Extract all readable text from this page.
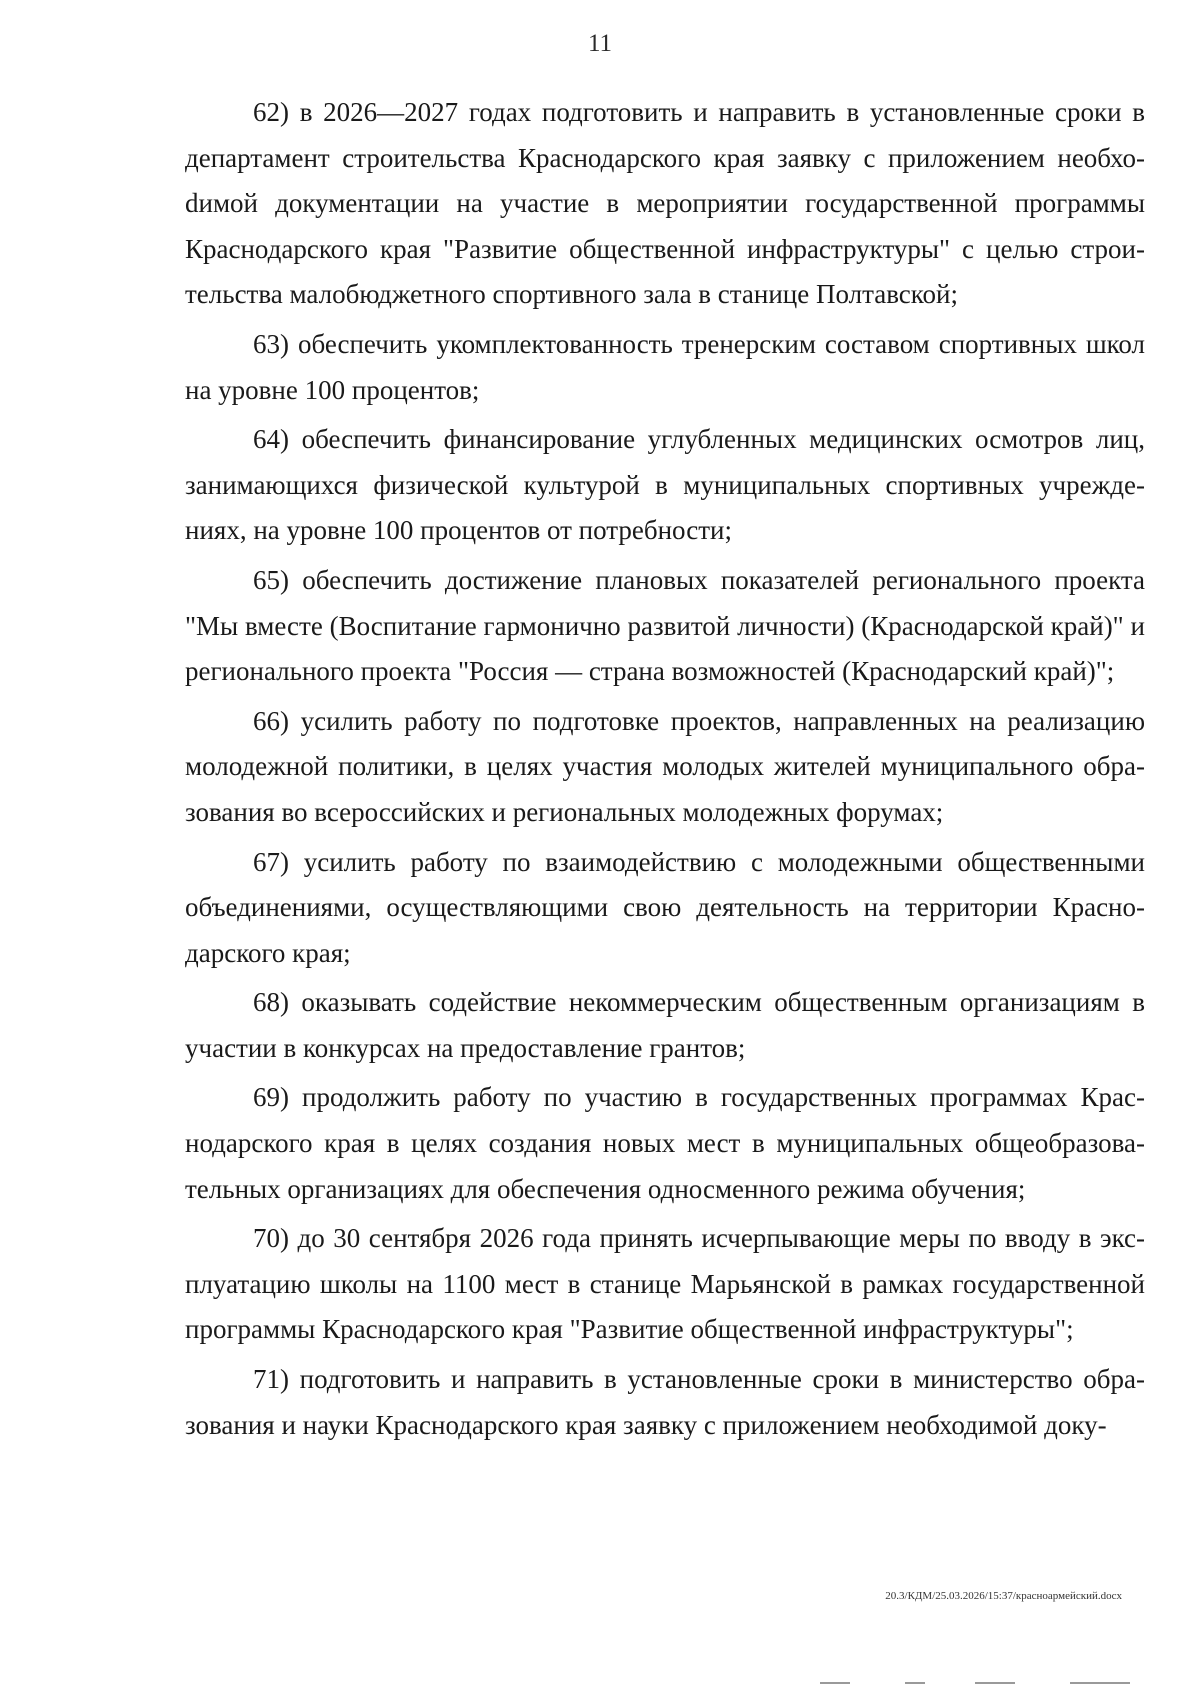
11

62) в 2026—2027 годах подготовить и направить в установленные сроки в департамент строительства Краснодарского края заявку с приложением необхоdимой документации на участие в мероприятии государственной программы Краснодарского края "Развитие общественной инфраструктуры" с целью строительства малобюджетного спортивного зала в станице Полтавской;

63) обеспечить укомплектованность тренерским составом спортивных школ на уровне 100 процентов;

64) обеспечить финансирование углубленных медицинских осмотров лиц, занимающихся физической культурой в муниципальных спортивных учреждениях, на уровне 100 процентов от потребности;

65) обеспечить достижение плановых показателей регионального проекта "Мы вместе (Воспитание гармонично развитой личности) (Краснодарской край)" и регионального проекта "Россия — страна возможностей (Краснодарский край)";

66) усилить работу по подготовке проектов, направленных на реализацию молодежной политики, в целях участия молодых жителей муниципального образования во всероссийских и региональных молодежных форумах;

67) усилить работу по взаимодействию с молодежными общественными объединениями, осуществляющими свою деятельность на территории Краснодарского края;

68) оказывать содействие некоммерческим общественным организациям в участии в конкурсах на предоставление грантов;

69) продолжить работу по участию в государственных программах Краснодарского края в целях создания новых мест в муниципальных общеобразовательных организациях для обеспечения односменного режима обучения;

70) до 30 сентября 2026 года принять исчерпывающие меры по вводу в эксплуатацию школы на 1100 мест в станице Марьянской в рамках государственной программы Краснодарского края "Развитие общественной инфраструктуры";

71) подготовить и направить в установленные сроки в министерство образования и науки Краснодарского края заявку с приложением необходимой доку-

20.3/КДМ/25.03.2026/15:37/красноармейский.docx
